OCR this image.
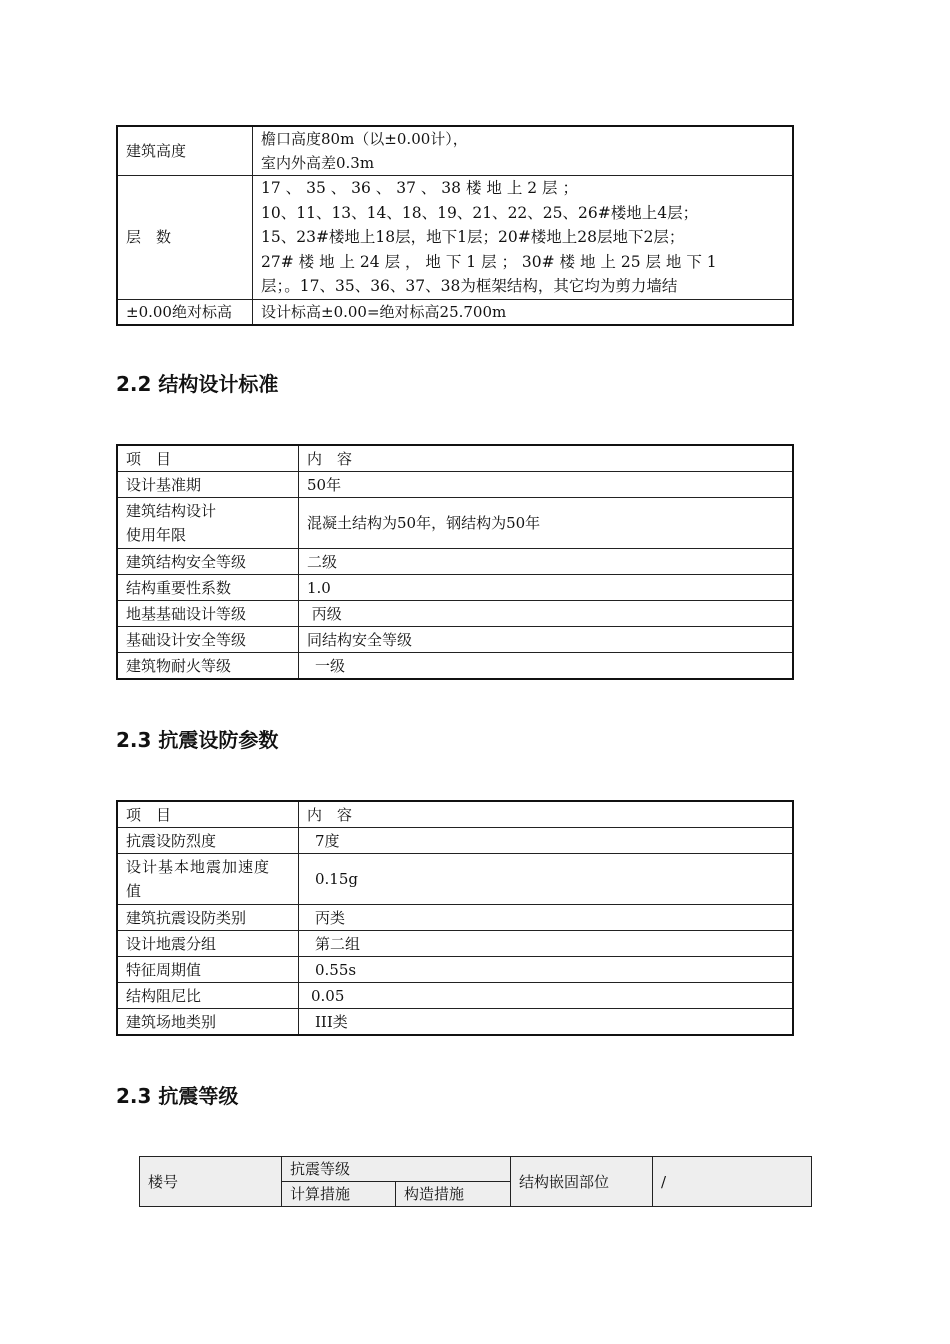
建筑高度	檐口高度80m（以±0.00计），
室内外高差0.3m

层　数	17 、 35 、 36 、 37 、 38 楼 地 上 2 层 ；
10、11、13、14、18、19、21、22、25、26#楼地上4层；
15、23#楼地上18层，地下1层；20#楼地上28层地下2层；
27# 楼 地 上 24 层 ， 地 下 1 层 ； 30# 楼 地 上 25 层 地 下 1
层；。17、35、36、37、38为框架结构，其它均为剪力墙结

±0.00绝对标高	设计标高±0.00=绝对标高25.700m
2.2 结构设计标准
项　目	内　容
设计基准期	50年

建筑结构设计
使用年限	混凝土结构为50年，钢结构为50年
建筑结构安全等级	二级
结构重要性系数	1.0
地基基础设计等级	丙级
基础设计安全等级	同结构安全等级
建筑物耐火等级	一级
2.3 抗震设防参数
项　目	内　容
抗震设防烈度	7度

设计基本地震加速度
值	0.15g
建筑抗震设防类别	丙类
设计地震分组	第二组
特征周期值	0.55s
结构阻尼比	0.05
建筑场地类别	III类
2.3 抗震等级
楼号	抗震等级		结构嵌固部位	/
	计算措施	构造措施		
